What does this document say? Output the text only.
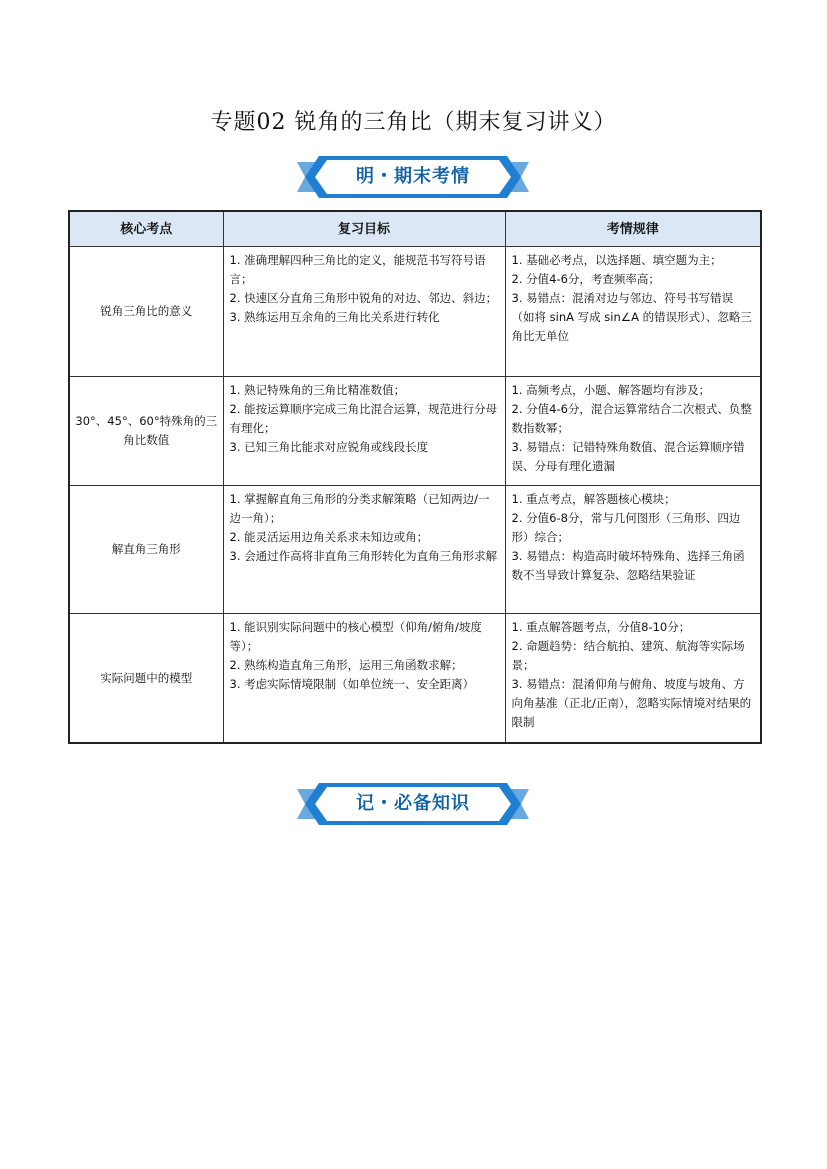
专题02 锐角的三角比（期末复习讲义）
明・期末考情
核心考点	复习目标	考情规律
锐角三角比的意义	1. 准确理解四种三角比的定义，能规范书写符号语言；
2. 快速区分直角三角形中锐角的对边、邻边、斜边；
3. 熟练运用互余角的三角比关系进行转化	1. 基础必考点，以选择题、填空题为主；
2. 分值4-6分，考查频率高；
3. 易错点：混淆对边与邻边、符号书写错误（如将 sinA 写成 sin∠A 的错误形式）、忽略三角比无单位

30°、45°、60°特殊角的三角比数值	1. 熟记特殊角的三角比精准数值；
2. 能按运算顺序完成三角比混合运算，规范进行分母有理化；
3. 已知三角比能求对应锐角或线段长度	1. 高频考点，小题、解答题均有涉及；
2. 分值4-6分，混合运算常结合二次根式、负整数指数幂；
3. 易错点：记错特殊角数值、混合运算顺序错误、分母有理化遗漏

解直角三角形	1. 掌握解直角三角形的分类求解策略（已知两边/一边一角）；
2. 能灵活运用边角关系求未知边或角；
3. 会通过作高将非直角三角形转化为直角三角形求解	1. 重点考点，解答题核心模块；
2. 分值6-8分，常与几何图形（三角形、四边形）综合；
3. 易错点：构造高时破坏特殊角、选择三角函数不当导致计算复杂、忽略结果验证

实际问题中的模型	1. 能识别实际问题中的核心模型（仰角/俯角/坡度等）；
2. 熟练构造直角三角形，运用三角函数求解；
3. 考虑实际情境限制（如单位统一、安全距离）	1. 重点解答题考点，分值8-10分；
2. 命题趋势：结合航拍、建筑、航海等实际场景；
3. 易错点：混淆仰角与俯角、坡度与坡角、方向角基准（正北/正南），忽略实际情境对结果的限制
记・必备知识
